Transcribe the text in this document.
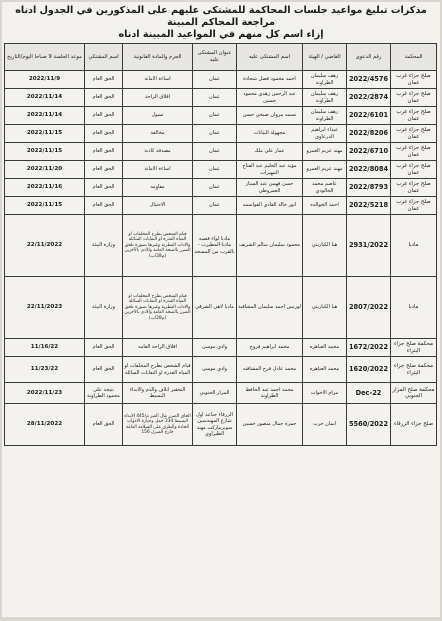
مذكرات تبليغ مواعيد جلسات المحاكمة للمشتكى عليهم على المذكورين في الجدول ادناه مراجعة المحاكم المبينة
إزاء اسم كل منهم في المواعيد المبينة ادناه
المحكمة	رقم الدعوى	القاضي / الهيئة	اسم المشتكى عليه	عنوان المشتكى عليه	الجرم والمادة القانونية	اسم المشتكي	موعد الجلسة 9 صباحا اليوم/التاريخ
صلح جزاء غرب عمان	2022/4576	رهف سليمان الطراونة	احمد محمود فضل شحادة	عمان	اساءة الامانة	الحق العام	2022/11/9
صلح جزاء غرب عمان	2022/2874	رهف سليمان الطراونة	عبد الرحمن زهدي محمود حسين	عمان	اقلاق الراحة	الحق العام	2022/11/14
صلح جزاء غرب عمان	2022/6101	رهف سليمان الطراونة	نسمه مروان صبحي حسن	عمان	تسول	الحق العام	2022/11/14
صلح جزاء غرب عمان	2022/8206	غيداء ابراهيم الدرعاوي	مجهولة البيانات	عمان	مخالفة	الحق العام	2022/11/15
صلح جزاء غرب عمان	2022/6710	مهند عزيم العمرو	عمار علي ملك	عمان	مصدقة كاذبة	الحق العام	2022/11/15
صلح جزاء غرب عمان	2022/8084	مهند عزيم العمرو	مؤيد عبد الحليم عبد الفتاح المهيرات	عمان	اساءة الامانة	الحق العام	2022/11/20
صلح جزاء غرب عمان	2022/8793	عاصم محمد الجالودي	حسن فهمي عبد الستار العمروطي	عمان	مقاومه	الحق العام	2022/11/16
صلح جزاء غرب عمان	2022/5218	احمد الخوالده	انور خالد القادي القواسمه	عمان	الاحتيال	الحق العام	2022/11/15
مادبا	2931/2022	هيا الكباريتي	محمود سليمان سالم الشريف	مادبا لواء قصبة مادبا-المطيرب - بالقرب من المسجد	قيام الشخص بطرح المخلفات او المياه القذرة او النفايات السائلة والادات القطرية وغيرها بصورة تلحق الضرر بالصحة العامة والاذى بالآخرين (م28/ب)	وزارة البيئة	22/11/2022
مادبا	2807/2022	هيا الكباريتي	لورنس احمد سليمان المشاقبة	مادبا لاهي الشرقي	قيام الشخص بطرح المخلفات او المياه القذرة او النفايات السائلة والادات القطرية وغيرها بصورة تلحق الضرر بالصحة العامة والاذى بالآخرين (م28/ب)	وزارة البيئة	22/11/2023
محكمة صلح جزاء البتراء	1672/2022	محمد العياهره	محمد ابراهيم فروج	وادي موسى	اقلاق الراحة العامه	الحق العام	11/16/22
محكمة صلح جزاء البتراء	1620/2022	محمد العياهره	محمد عادل فرح المشاقبه	وادي موسى	قيام الشخص بطرح المخلفات او المياه القذرة او النفايات السائلة	الحق العام	11/23/22
محكمة صلح المزار الجنوبي	Dec-22	مرام الاخوات	محمد احمد عبد الحافظ الطراونة	المزار الجنوبي	التحقير اتلاف والذم والايذاء البسيط	نتيجه على محمود الطراونة	2022/11/23
صلح جزاء الزرقاء	5560/2022	ايمان حرب	حمزة جمال منصور حسين	الزرقاء جناعة اول شارع المهندسين سوبرماركت مهند الطيراوي	الحاق الضرر مال الغير م/445 الايذاء البسيط 334 حمل وحيازة الادوات الحادة والطرق على السلامة العامة خارج المنزل 156	الحق العام	28/11/2022
